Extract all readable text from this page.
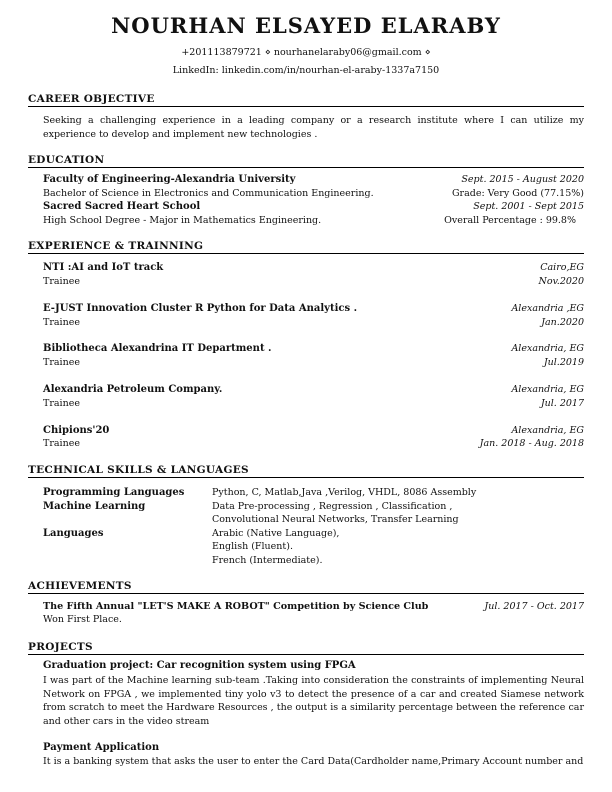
NOURHAN ELSAYED ELARABY
+201113879721 ⋄ nourhanelaraby06@gmail.com ⋄
LinkedIn: linkedin.com/in/nourhan-el-araby-1337a7150
CAREER OBJECTIVE
Seeking a challenging experience in a leading company or a research institute where I can utilize my experience to develop and implement new technologies .
EDUCATION
Faculty of Engineering-Alexandria University	Sept. 2015 - August 2020
Bachelor of Science in Electronics and Communication Engineering.	Grade: Very Good (77.15%)
Sacred Sacred Heart School	Sept. 2001 - Sept 2015
High School Degree - Major in Mathematics Engineering.	Overall Percentage : 99.8%
EXPERIENCE & TRAINNING
NTI :AI and IoT track	Cairo,EG
Trainee	Nov.2020
E-JUST Innovation Cluster R Python for Data Analytics .	Alexandria ,EG
Trainee	Jan.2020
Bibliotheca Alexandrina IT Department .	Alexandria, EG
Trainee	Jul.2019
Alexandria Petroleum Company.	Alexandria, EG
Trainee	Jul. 2017
Chipions'20	Alexandria, EG
Trainee	Jan. 2018 - Aug. 2018
TECHNICAL SKILLS & LANGUAGES
Programming Languages	Python, C, Matlab,Java ,Verilog, VHDL, 8086 Assembly
Machine Learning	Data Pre-processing , Regression , Classification ,
Convolutional Neural Networks, Transfer Learning
Languages	Arabic (Native Language),
English (Fluent).
French (Intermediate).
ACHIEVEMENTS
The Fifth Annual "LET'S MAKE A ROBOT" Competition by Science Club	Jul. 2017 - Oct. 2017
Won First Place.
PROJECTS
Graduation project: Car recognition system using FPGA
I was part of the Machine learning sub-team .Taking into consideration the constraints of implementing Neural Network on FPGA , we implemented tiny yolo v3 to detect the presence of a car and created Siamese network from scratch to meet the Hardware Resources , the output is a similarity percentage between the reference car and other cars in the video stream
Payment Application
It is a banking system that asks the user to enter the Card Data(Cardholder name,Primary Account number and
